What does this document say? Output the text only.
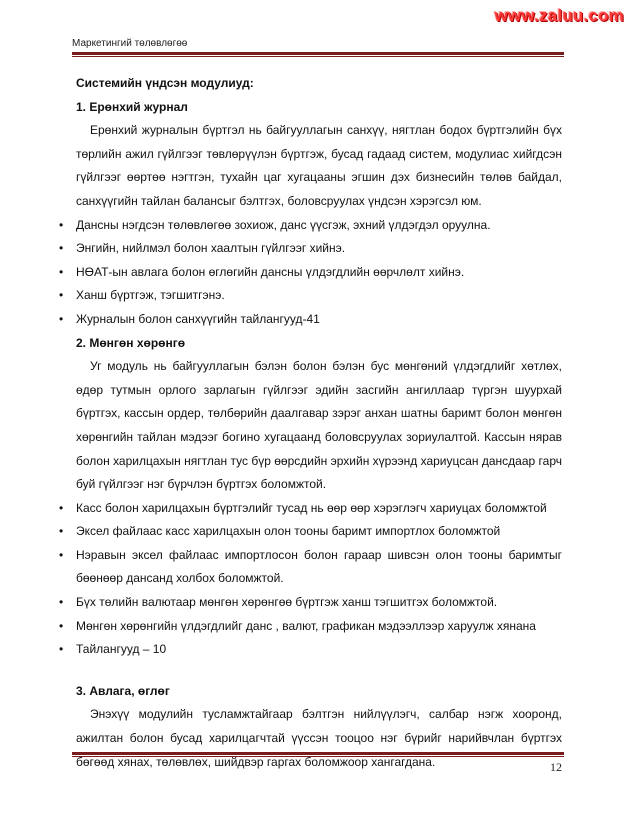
www.zaluu.com
Маркетингий төлөвлөгөө

Системийн үндсэн модулиуд:

1. Ерөнхий журнал

Ерөнхий журналын бүртгэл нь байгууллагын санхүү, нягтлан бодох бүртгэлийн бүх төрлийн ажил гүйлгээг төвлөрүүлэн бүртгэж, бусад гадаад систем, модулиас хийгдсэн гүйлгээг өөртөө нэгтгэн, тухайн цаг хугацааны эгшин дэх бизнесийн төлөв байдал, санхүүгийн тайлан балансыг бэлтгэх, боловсруулах үндсэн хэрэгсэл юм.

• Дансны нэгдсэн төлөвлөгөө зохиож, данс үүсгэж, эхний үлдэгдэл оруулна.
• Энгийн, нийлмэл болон хаалтын гүйлгээг хийнэ.
• НӨАТ-ын авлага болон өглөгийн дансны үлдэгдлийн өөрчлөлт хийнэ.
• Ханш бүртгэж, тэгшитгэнэ.
• Журналын болон санхүүгийн тайлангууд-41

2. Мөнгөн хөрөнгө

Уг модуль нь байгууллагын бэлэн болон бэлэн бус мөнгөний үлдэгдлийг хөтлөх, өдөр тутмын орлого зарлагын гүйлгээг эдийн засгийн ангиллаар түргэн шуурхай бүртгэх, кассын ордер, төлбөрийн даалгавар зэрэг анхан шатны баримт болон мөнгөн хөрөнгийн тайлан мэдээг богино хугацаанд боловсруулах зориулалтой. Кассын нярав болон харилцахын нягтлан тус бүр өөрсдийн эрхийн хүрээнд хариуцсан дансдаар гарч буй гүйлгээг нэг бүрчлэн бүртгэх боломжтой.

• Касс болон харилцахын бүртгэлийг тусад нь өөр өөр хэрэглэгч хариуцах боломжтой
• Эксел файлаас касс харилцахын олон тооны баримт импортлох боломжтой
• Нэравын эксел файлаас импортлосон болон гараар шивсэн олон тооны баримтыг бөөнөөр дансанд холбох боломжтой.
• Бүх төлийн валютаар мөнгөн хөрөнгөө бүртгэж ханш тэгшитгэх боломжтой.
• Мөнгөн хөрөнгийн үлдэгдлийг данс , валют, графикан мэдээллээр харуулж хянана
• Тайлангууд – 10

3. Авлага, өглөг

Энэхүү модулийн тусламжтайгаар бэлтгэн нийлүүлэгч, салбар нэгж хооронд, ажилтан болон бусад харилцагчтай үүссэн тооцоо нэг бүрийг нарийвчлан бүртгэх бөгөөд хянах, төлөвлөх, шийдвэр гаргах боломжоор хангагдана.	12
